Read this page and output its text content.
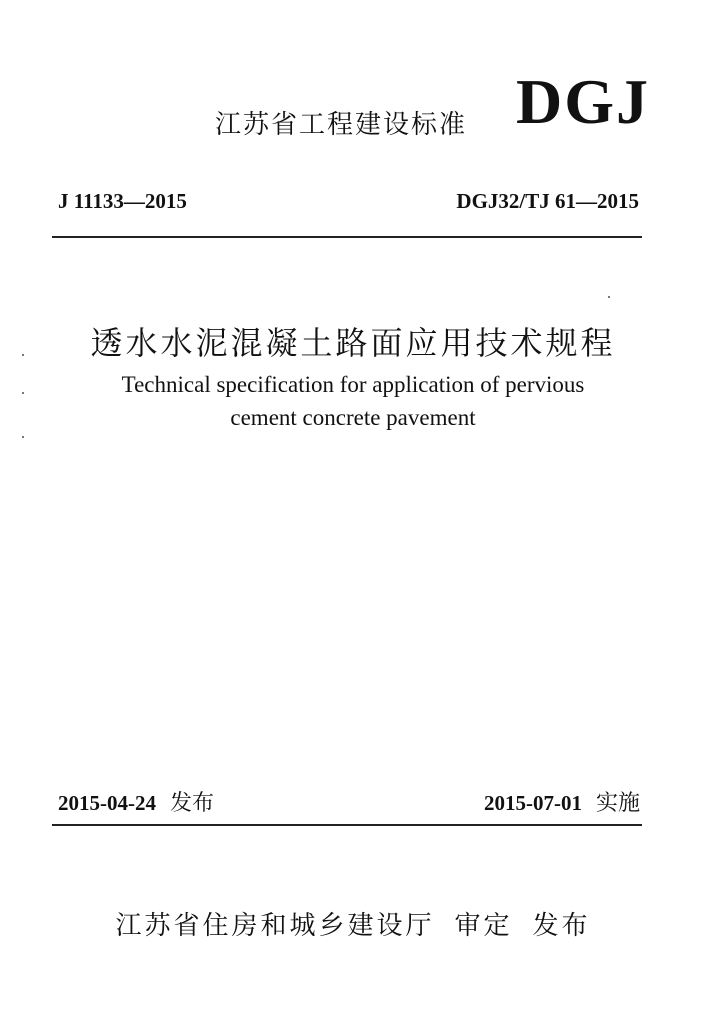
江苏省工程建设标准 DGJ
J 11133—2015	DGJ32/TJ 61—2015
透水水泥混凝土路面应用技术规程
Technical specification for application of pervious
cement concrete pavement
2015-04-24 发布	2015-07-01 实施
江苏省住房和城乡建设厅 审定 发布
